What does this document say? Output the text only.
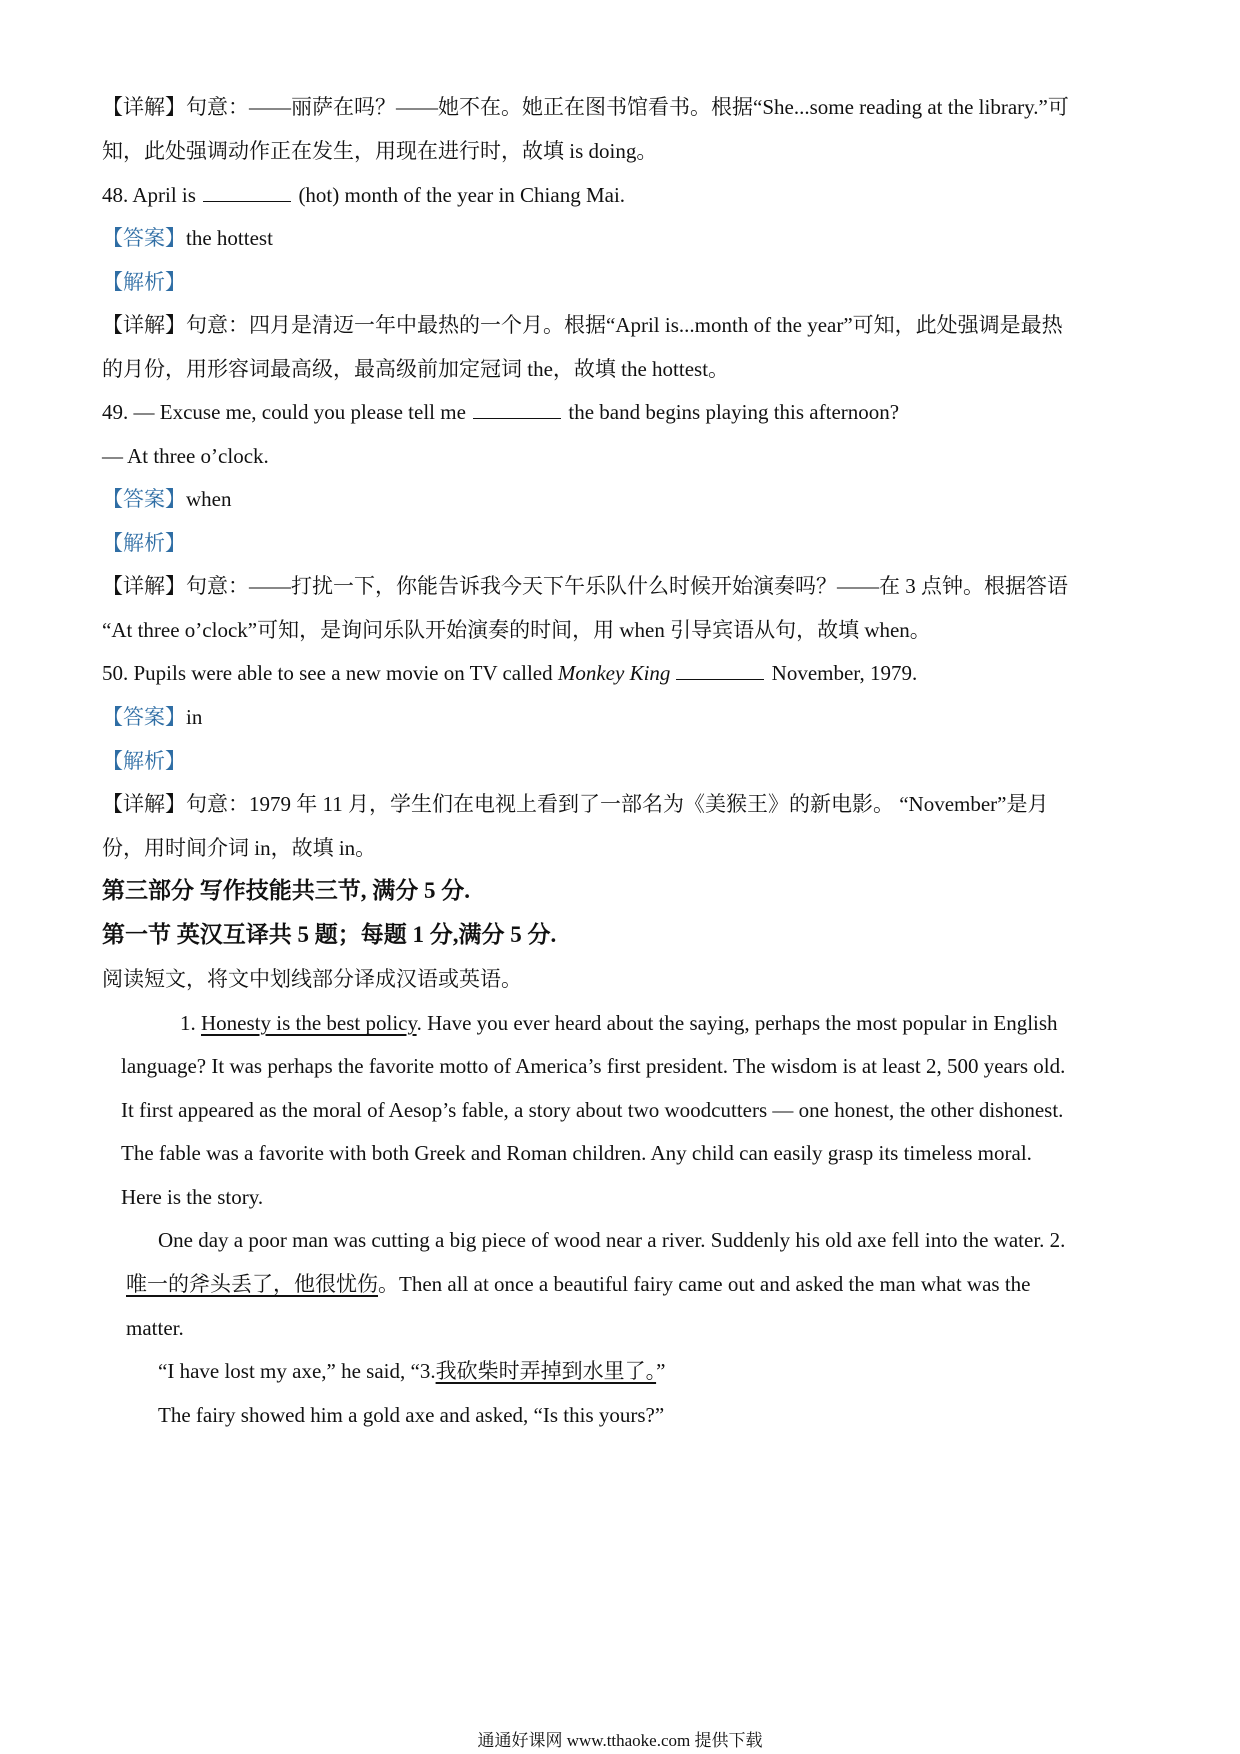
【详解】句意：——丽萨在吗？——她不在。她正在图书馆看书。根据“She...some reading at the library.”可
知，此处强调动作正在发生，用现在进行时，故填 is doing。
48. April is	(hot) month of the year in Chiang Mai.
【答案】the hottest
【解析】
【详解】句意：四月是清迈一年中最热的一个月。根据“April is...month of the year”可知，此处强调是最热
的月份，用形容词最高级，最高级前加定冠词 the，故填 the hottest。
49. — Excuse me, could you please tell me	the band begins playing this afternoon?
— At three o’clock.
【答案】when
【解析】
【详解】句意：——打扰一下，你能告诉我今天下午乐队什么时候开始演奏吗？——在 3 点钟。根据答语
“At three o’clock”可知，是询问乐队开始演奏的时间，用 when 引导宾语从句，故填 when。
50. Pupils were able to see a new movie on TV called Monkey King	November, 1979.
【答案】in
【解析】
【详解】句意：1979 年 11 月，学生们在电视上看到了一部名为《美猴王》的新电影。 “November”是月
份，用时间介词 in，故填 in。
第三部分 写作技能共三节, 满分 5 分.
第一节 英汉互译共 5 题；每题 1 分,满分 5 分.
阅读短文，将文中划线部分译成汉语或英语。
1. Honesty is the best policy. Have you ever heard about the saying, perhaps the most popular in English
language? It was perhaps the favorite motto of America’s first president. The wisdom is at least 2, 500 years old.
It first appeared as the moral of Aesop’s fable, a story about two woodcutters — one honest, the other dishonest.
The fable was a favorite with both Greek and Roman children. Any child can easily grasp its timeless moral.
Here is the story.
One day a poor man was cutting a big piece of wood near a river. Suddenly his old axe fell into the water. 2.
唯一的斧头丢了，他很忧伤。Then all at once a beautiful fairy came out and asked the man what was the
matter.
“I have lost my axe,” he said, “3.我砍柴时弄掉到水里了。”
The fairy showed him a gold axe and asked, “Is this yours?”
通通好课网 www.tthaoke.com 提供下载
